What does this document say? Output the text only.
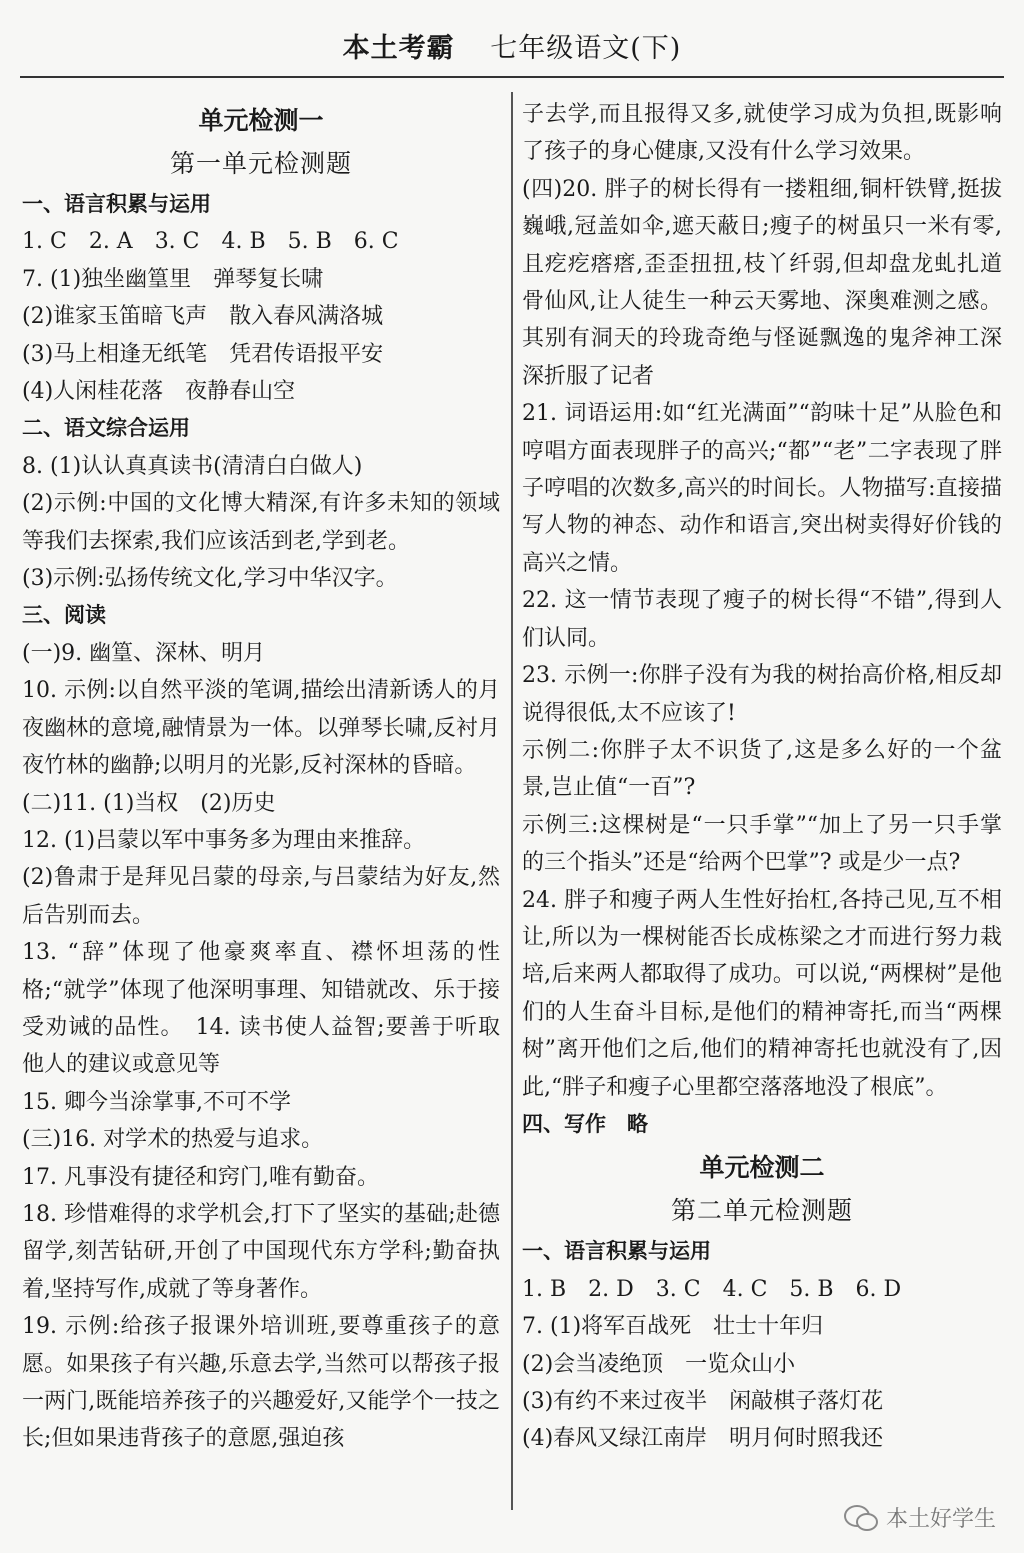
本土考霸 七年级语文(下)

单元检测一

第一单元检测题

一、语言积累与运用

1. C　2. A　3. C　4. B　5. B　6. C

7. (1)独坐幽篁里　弹琴复长啸

(2)谁家玉笛暗飞声　散入春风满洛城

(3)马上相逢无纸笔　凭君传语报平安

(4)人闲桂花落　夜静春山空

二、语文综合运用

8. (1)认认真真读书(清清白白做人)

(2)示例:中国的文化博大精深,有许多未知的领域等我们去探索,我们应该活到老,学到老。

(3)示例:弘扬传统文化,学习中华汉字。

三、阅读

(一)9. 幽篁、深林、明月

10. 示例:以自然平淡的笔调,描绘出清新诱人的月夜幽林的意境,融情景为一体。以弹琴长啸,反衬月夜竹林的幽静;以明月的光影,反衬深林的昏暗。

(二)11. (1)当权　(2)历史

12. (1)吕蒙以军中事务多为理由来推辞。

(2)鲁肃于是拜见吕蒙的母亲,与吕蒙结为好友,然后告别而去。

13. “辞”体现了他豪爽率直、襟怀坦荡的性格;“就学”体现了他深明事理、知错就改、乐于接受劝诫的品性。　14. 读书使人益智;要善于听取他人的建议或意见等

15. 卿今当涂掌事,不可不学

(三)16. 对学术的热爱与追求。

17. 凡事没有捷径和窍门,唯有勤奋。

18. 珍惜难得的求学机会,打下了坚实的基础;赴德留学,刻苦钻研,开创了中国现代东方学科;勤奋执着,坚持写作,成就了等身著作。

19. 示例:给孩子报课外培训班,要尊重孩子的意愿。如果孩子有兴趣,乐意去学,当然可以帮孩子报一两门,既能培养孩子的兴趣爱好,又能学个一技之长;但如果违背孩子的意愿,强迫孩

子去学,而且报得又多,就使学习成为负担,既影响了孩子的身心健康,又没有什么学习效果。

(四)20. 胖子的树长得有一搂粗细,铜杆铁臂,挺拔巍峨,冠盖如伞,遮天蔽日;瘦子的树虽只一米有零,且疙疙瘩瘩,歪歪扭扭,枝丫纤弱,但却盘龙虬扎道骨仙风,让人徒生一种云天雾地、深奥难测之感。其别有洞天的玲珑奇绝与怪诞飘逸的鬼斧神工深深折服了记者

21. 词语运用:如“红光满面”“韵味十足”从脸色和哼唱方面表现胖子的高兴;“都”“老”二字表现了胖子哼唱的次数多,高兴的时间长。人物描写:直接描写人物的神态、动作和语言,突出树卖得好价钱的高兴之情。

22. 这一情节表现了瘦子的树长得“不错”,得到人们认同。

23. 示例一:你胖子没有为我的树抬高价格,相反却说得很低,太不应该了!

示例二:你胖子太不识货了,这是多么好的一个盆景,岂止值“一百”?

示例三:这棵树是“一只手掌”“加上了另一只手掌的三个指头”还是“给两个巴掌”? 或是少一点?

24. 胖子和瘦子两人生性好抬杠,各持己见,互不相让,所以为一棵树能否长成栋梁之才而进行努力栽培,后来两人都取得了成功。可以说,“两棵树”是他们的人生奋斗目标,是他们的精神寄托,而当“两棵树”离开他们之后,他们的精神寄托也就没有了,因此,“胖子和瘦子心里都空落落地没了根底”。

四、写作　略

单元检测二

第二单元检测题

一、语言积累与运用

1. B　2. D　3. C　4. C　5. B　6. D

7. (1)将军百战死　壮士十年归

(2)会当凌绝顶　一览众山小

(3)有约不来过夜半　闲敲棋子落灯花

(4)春风又绿江南岸　明月何时照我还

本土好学生
